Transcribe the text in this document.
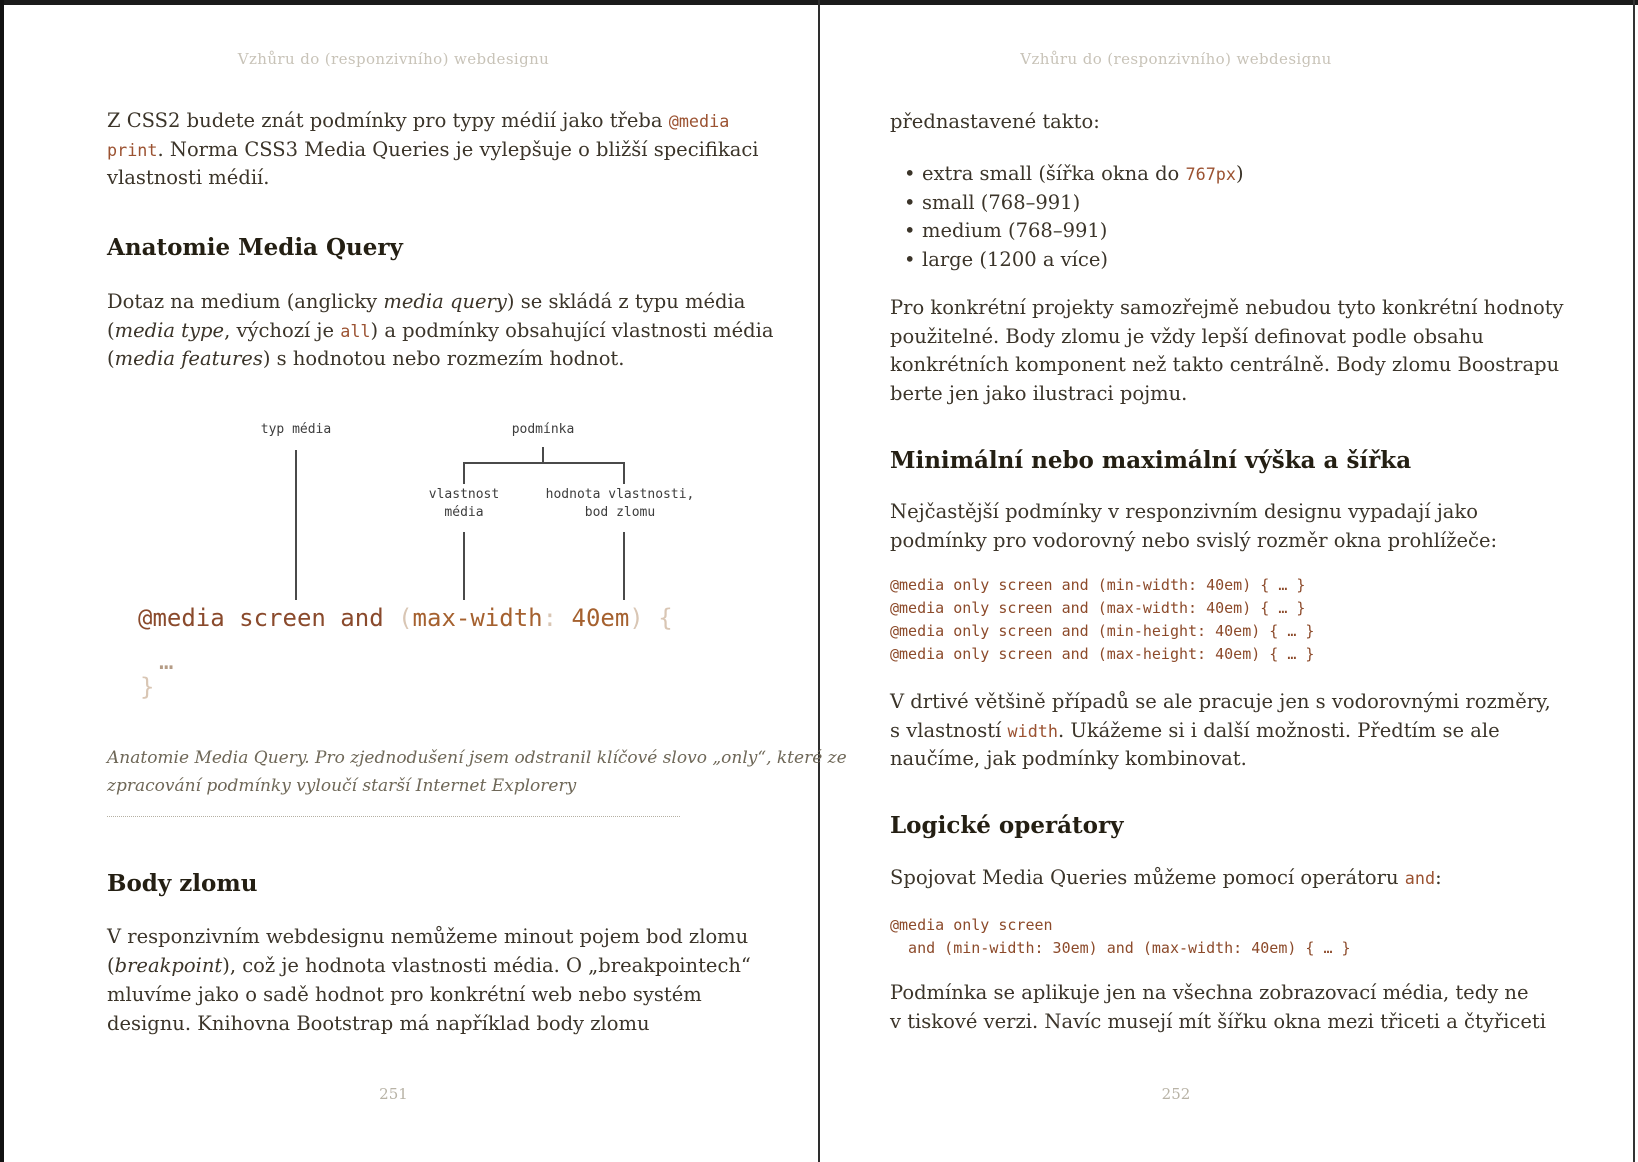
Vzhůru do (responzivního) webdesignu
Z CSS2 budete znát podmínky pro typy médií jako třeba @media
print. Norma CSS3 Media Queries je vylepšuje o bližší specifikaci
vlastnosti médií.
Anatomie Media Query
Dotaz na medium (anglicky media query) se skládá z typu média
(media type, výchozí je all) a podmínky obsahující vlastnosti média
(media features) s hodnotou nebo rozmezím hodnot.
typ média	podmínka
vlastnost
média
hodnota vlastnosti,
bod zlomu
@media screen and (max-width: 40em) {
…
}
Anatomie Media Query. Pro zjednodušení jsem odstranil klíčové slovo „only“, které ze
zpracování podmínky vyloučí starší Internet Explorery
Body zlomu
V responzivním webdesignu nemůžeme minout pojem bod zlomu
(breakpoint), což je hodnota vlastnosti média. O „breakpointech“
mluvíme jako o sadě hodnot pro konkrétní web nebo systém
designu. Knihovna Bootstrap má například body zlomu
251
Vzhůru do (responzivního) webdesignu
přednastavené takto:
• extra small (šířka okna do 767px)
• small (768–991)
• medium (768–991)
• large (1200 a více)
Pro konkrétní projekty samozřejmě nebudou tyto konkrétní hodnoty
použitelné. Body zlomu je vždy lepší definovat podle obsahu
konkrétních komponent než takto centrálně. Body zlomu Boostrapu
berte jen jako ilustraci pojmu.
Minimální nebo maximální výška a šířka
Nejčastější podmínky v responzivním designu vypadají jako
podmínky pro vodorovný nebo svislý rozměr okna prohlížeče:
@media only screen and (min-width: 40em) { … }
@media only screen and (max-width: 40em) { … }
@media only screen and (min-height: 40em) { … }
@media only screen and (max-height: 40em) { … }
V drtivé většině případů se ale pracuje jen s vodorovnými rozměry,
s vlastností width. Ukážeme si i další možnosti. Předtím se ale
naučíme, jak podmínky kombinovat.
Logické operátory
Spojovat Media Queries můžeme pomocí operátoru and:
@media only screen
and (min-width: 30em) and (max-width: 40em) { … }
Podmínka se aplikuje jen na všechna zobrazovací média, tedy ne
v tiskové verzi. Navíc musejí mít šířku okna mezi třiceti a čtyřiceti
252
